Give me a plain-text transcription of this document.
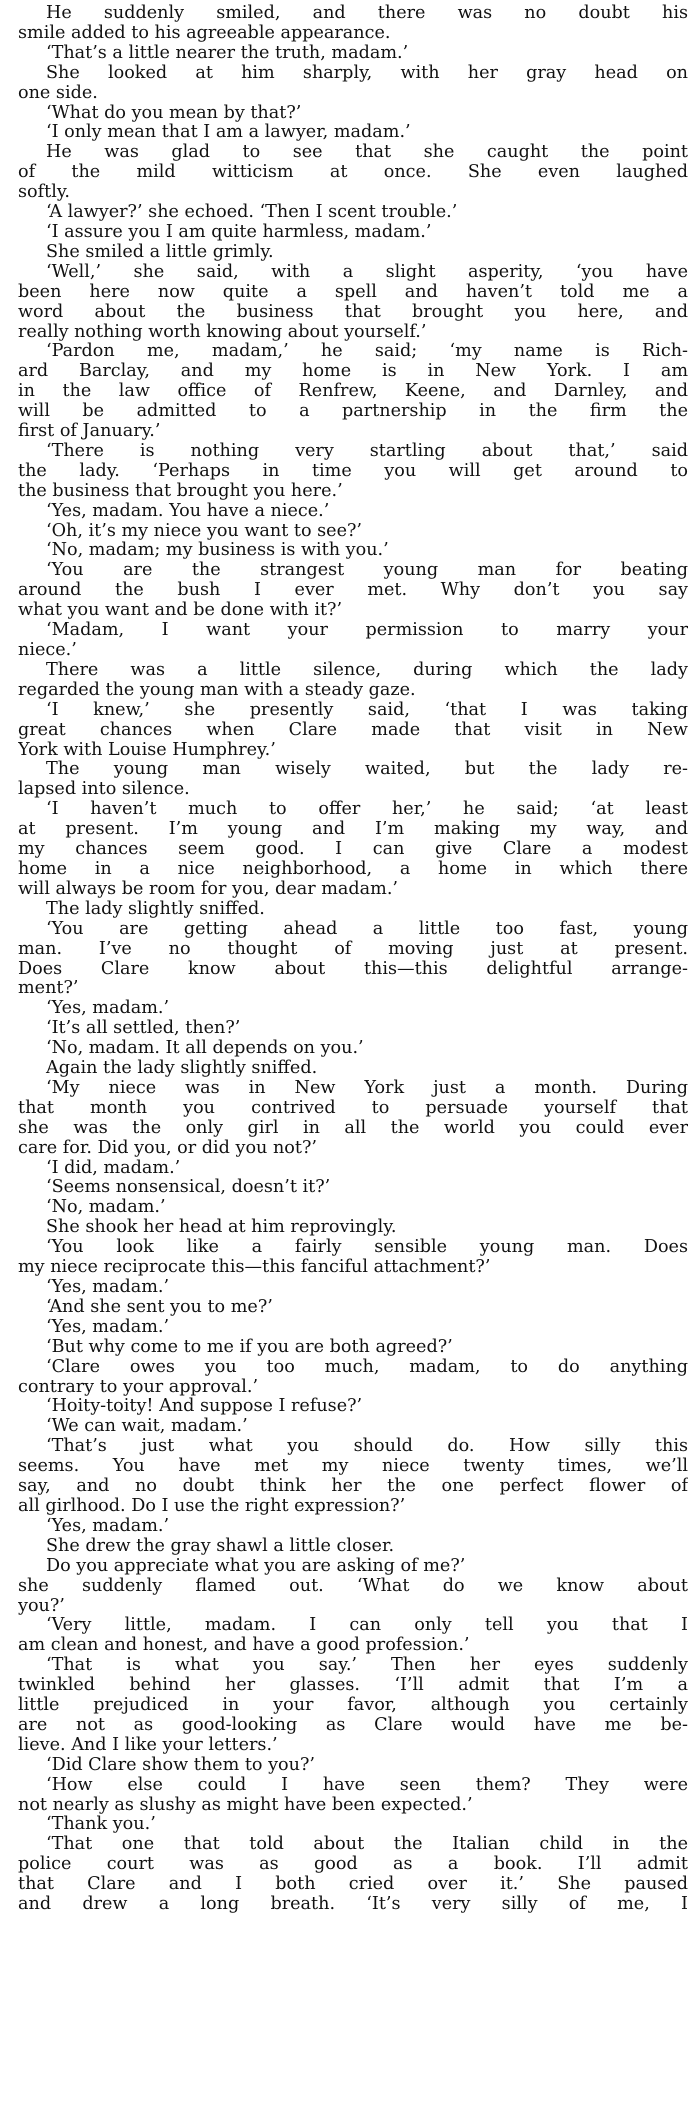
He suddenly smiled, and there was no doubt his
smile added to his agreeable appearance.
‘That’s a little nearer the truth, madam.’
She looked at him sharply, with her gray head on
one side.
‘What do you mean by that?’
‘I only mean that I am a lawyer, madam.’
He was glad to see that she caught the point
of the mild witticism at once. She even laughed
softly.
‘A lawyer?’ she echoed. ‘Then I scent trouble.’
‘I assure you I am quite harmless, madam.’
She smiled a little grimly.
‘Well,’ she said, with a slight asperity, ‘you have
been here now quite a spell and haven’t told me a
word about the business that brought you here, and
really nothing worth knowing about yourself.’
‘Pardon me, madam,’ he said; ‘my name is Rich-
ard Barclay, and my home is in New York. I am
in the law office of Renfrew, Keene, and Darnley, and
will be admitted to a partnership in the firm the
first of January.’
‘There is nothing very startling about that,’ said
the lady. ‘Perhaps in time you will get around to
the business that brought you here.’
‘Yes, madam. You have a niece.’
‘Oh, it’s my niece you want to see?’
‘No, madam; my business is with you.’
‘You are the strangest young man for beating
around the bush I ever met. Why don’t you say
what you want and be done with it?’
‘Madam, I want your permission to marry your
niece.’
There was a little silence, during which the lady
regarded the young man with a steady gaze.
‘I knew,’ she presently said, ‘that I was taking
great chances when Clare made that visit in New
York with Louise Humphrey.’
The young man wisely waited, but the lady re-
lapsed into silence.
‘I haven’t much to offer her,’ he said; ‘at least
at present. I’m young and I’m making my way, and
my chances seem good. I can give Clare a modest
home in a nice neighborhood, a home in which there
will always be room for you, dear madam.’
The lady slightly sniffed.
‘You are getting ahead a little too fast, young
man. I’ve no thought of moving just at present.
Does Clare know about this—this delightful arrange-
ment?’
‘Yes, madam.’
‘It’s all settled, then?’
‘No, madam. It all depends on you.’
Again the lady slightly sniffed.
‘My niece was in New York just a month. During
that month you contrived to persuade yourself that
she was the only girl in all the world you could ever
care for. Did you, or did you not?’
‘I did, madam.’
‘Seems nonsensical, doesn’t it?’
‘No, madam.’
She shook her head at him reprovingly.
‘You look like a fairly sensible young man. Does
my niece reciprocate this—this fanciful attachment?’
‘Yes, madam.’
‘And she sent you to me?’
‘Yes, madam.’
‘But why come to me if you are both agreed?’
‘Clare owes you too much, madam, to do anything
contrary to your approval.’
‘Hoity-toity! And suppose I refuse?’
‘We can wait, madam.’
‘That’s just what you should do. How silly this
seems. You have met my niece twenty times, we’ll
say, and no doubt think her the one perfect flower of
all girlhood. Do I use the right expression?’
‘Yes, madam.’
She drew the gray shawl a little closer.
Do you appreciate what you are asking of me?’
she suddenly flamed out. ‘What do we know about
you?’
‘Very little, madam. I can only tell you that I
am clean and honest, and have a good profession.’
‘That is what you say.’ Then her eyes suddenly
twinkled behind her glasses. ‘I’ll admit that I’m a
little prejudiced in your favor, although you certainly
are not as good-looking as Clare would have me be-
lieve. And I like your letters.’
‘Did Clare show them to you?’
‘How else could I have seen them? They were
not nearly as slushy as might have been expected.’
‘Thank you.’
‘That one that told about the Italian child in the
police court was as good as a book. I’ll admit
that Clare and I both cried over it.’ She paused
and drew a long breath. ‘It’s very silly of me, I
